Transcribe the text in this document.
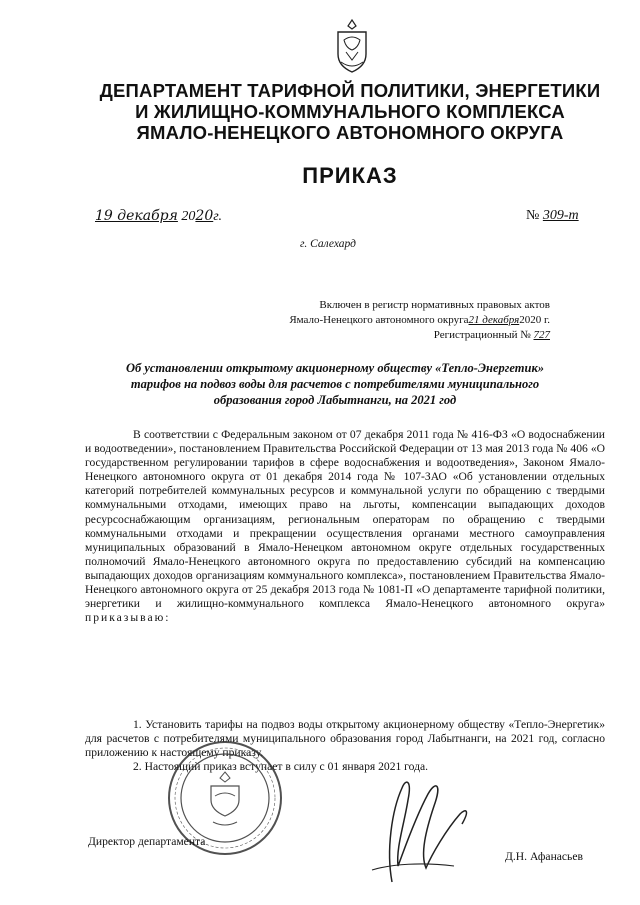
ДЕПАРТАМЕНТ ТАРИФНОЙ ПОЛИТИКИ, ЭНЕРГЕТИКИ
И ЖИЛИЩНО-КОММУНАЛЬНОГО КОМПЛЕКСА
ЯМАЛО-НЕНЕЦКОГО АВТОНОМНОГО ОКРУГА
ПРИКАЗ
19 декабря 2020г.	№ 309-т
г. Салехард
Включен в регистр нормативных правовых актов
Ямало-Ненецкого автономного округа21 декабря2020 г.
Регистрационный № 727
Об установлении открытому акционерному обществу «Тепло-Энергетик»
тарифов на подвоз воды для расчетов с потребителями муниципального
образования город Лабытнанги, на 2021 год

В соответствии с Федеральным законом от 07 декабря 2011 года № 416-ФЗ «О водоснабжении и водоотведении», постановлением Правительства Российской Федерации от 13 мая 2013 года № 406 «О государственном регулировании тарифов в сфере водоснабжения и водоотведения», Законом Ямало-Ненецкого автономного округа от 01 декабря 2014 года № 107-ЗАО «Об установлении отдельных категорий потребителей коммунальных ресурсов и коммунальной услуги по обращению с твердыми коммунальными отходами, имеющих право на льготы, компенсации выпадающих доходов ресурсоснабжающим организациям, региональным операторам по обращению с твердыми коммунальными отходами и прекращении осуществления органами местного самоуправления муниципальных образований в Ямало-Ненецком автономном округе отдельных государственных полномочий Ямало-Ненецкого автономного округа по предоставлению субсидий на компенсацию выпадающих доходов организациям коммунального комплекса», постановлением Правительства Ямало-Ненецкого автономного округа от 25 декабря 2013 года № 1081-П «О департаменте тарифной политики, энергетики и жилищно-коммунального комплекса Ямало-Ненецкого автономного округа» приказываю:

1. Установить тарифы на подвоз воды открытому акционерному обществу «Тепло-Энергетик» для расчетов с потребителями муниципального образования город Лабытнанги, на 2021 год, согласно приложению к настоящему приказу.

2. Настоящий приказ вступает в силу с 01 января 2021 года.

Директор департамента
Д.Н. Афанасьев
